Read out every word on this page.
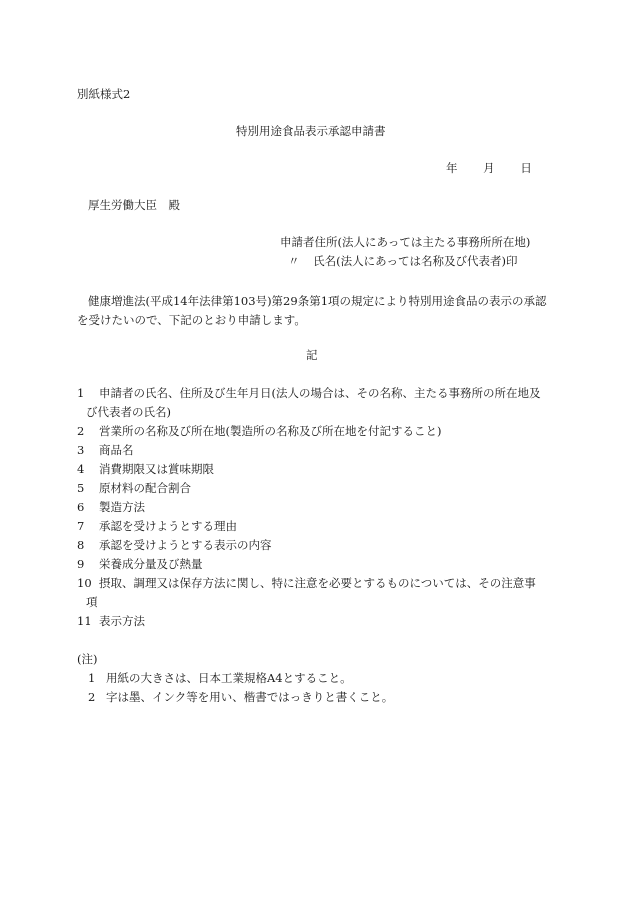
別紙様式2
特別用途食品表示承認申請書
年 月 日
厚生労働大臣　殿
申請者住所(法人にあっては主たる事務所所在地)
〃 氏名(法人にあっては名称及び代表者)印
健康増進法(平成14年法律第103号)第29条第1項の規定により特別用途食品の表示の承認
を受けたいので、下記のとおり申請します。
記
1 申請者の氏名、住所及び生年月日(法人の場合は、その名称、主たる事務所の所在地及
び代表者の氏名)
2 営業所の名称及び所在地(製造所の名称及び所在地を付記すること)
3 商品名
4 消費期限又は賞味期限
5 原材料の配合割合
6 製造方法
7 承認を受けようとする理由
8 承認を受けようとする表示の内容
9 栄養成分量及び熱量
10 摂取、調理又は保存方法に関し、特に注意を必要とするものについては、その注意事
項
11 表示方法
(注)
1 用紙の大きさは、日本工業規格A4とすること。
2 字は墨、インク等を用い、楷書ではっきりと書くこと。
